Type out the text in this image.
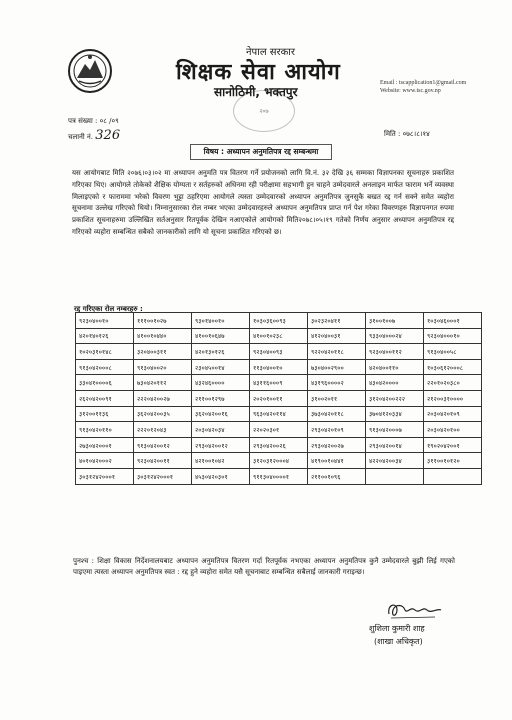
नेपाल सरकार
शिक्षक सेवा आयोग
सानोठिमी, भक्तपुर
२०७
Email : tscapplication1@gmail.com
Website: www.tsc.gov.np
पत्र संख्या : ०८ /०९
चलानी नं. 326	मिति : ०७८।८।१४
विषय : अध्यापन अनुमतिपत्र रद्द सम्बन्धमा
यस आयोगबाट मिति २०७६।०३।०२ मा अध्यापन अनुमति पत्र वितरण गर्ने प्रयोजनको लागि वि.नं. ३२ देखि ३६ सम्मका विज्ञापनका सूचनाहरु प्रकाशित गरिएका थिए। आयोगले तोकेको शैक्षिक योग्यता र सर्तहरुको अधिनमा रही परीक्षामा सहभागी हुन चाहने उम्मेदवारले अनलाइन मार्फत फाराम भर्ने व्यवस्था मिलाइएको र फाराममा भरेको विवरण भुट्टा ठहरिएमा आयोगले त्यस्ता उम्मेदवारको अध्यापन अनुमतिपत्र जुनसुकै बखत रद्द गर्न सक्ने समेत व्यहोरा सूचनामा उल्लेख गरिएको थियो। निम्नानुसारका रोल नम्बर भएका उम्मेदवारहरुले अध्यापन अनुमतिपत्र प्राप्त गर्न पेश गरेका विवरणहरु विज्ञापनगत रुपमा प्रकाशित सूचनाहरुमा उल्लिखित सर्तअनुसार रितपूर्वक देखिन नआएकोले आयोगको मिति२०७८।०५।१९ गतेको निर्णय अनुसार अध्यापन अनुमतिपत्र रद्द गरिएको व्यहोरा सम्बन्धित सबैको जानकारीको लागि यो सूचना प्रकाशित गरिएको छ।
रद्द गरिएका रोल नम्बरहरु :
९२३०४००१०	१११००१०२७	९३०१४००१०	१०३०३६००९३	३०२३२०४११	३१००१००७	१०३०४६०००१
४२०१४०१२६	४१००१०४४०	४१००१०६४७	४१००१०२३८	४१२०४००३१	९३३०४०००२४	९२३०४०००१०
१०२०३१०१४८	३२०४००३११	४२०१३०१२६	९२३०४००९३	९२२०४२०११८	९२३०४००११२	९१३०४००५८
९१३०४२०००८	९१३०४००२०	२३०४५००१४	११३०४००१०	७३०४००२९००	४२०४००११०	१०३०६१२०००८
३३०४१००००६	७३०४२०११२	४३२४६००००	४३११६०००९	४३१९६००००२	४३०४२००००	२२०१०२०३८०
२६२०४२००९१	२२२०४२००२७	२११००१२९७	२०२०१००११	३१००२०११	३१२०४२००२२२	२१२००३१००००
३१२००११३६	३६२०४२००३५	३६२०४२००१६	९६३०४२०११४	३७३०४२०११८	३७०४१२०३३४	२०३०४२०१०९
९१३०४२०११०	२२२०१२०४३	२०३०४२०३४	२२०२०३०१	२९३०४२०१०९	९१३०४२०००७	२०३०४२०१००
२७३०४२०००१	९१३०४२००१२	२९३०४२००१२	२९३०४२००२६	२९३०४२००२७	२९३०४२००१४	१९०२०४२००१
४०१०४२०००२	९२३०४२००११	४२१००१०४२	३१२०३१२०००४	४१९००१०४४१	४२२०४२००३४	३११००१०१२०
३०३१२४२०००१	३०३१२४२०००१	४५३०४२०३०१	९११३०४००००१	२११००१०९६		
पुनश्च : शिक्षा विकास निर्देशनालयबाट अध्यापन अनुमतिपत्र वितरण गर्दा रितपूर्वक नभएका अध्यापन अनुमतिपत्र कुनै उम्मेदवारले बुझी लिई गएको पाइएमा त्यस्ता अध्यापन अनुमतिपत्र स्वत : रद्द हुने व्यहोरा समेत यसै सूचनाबाट सम्बन्धित सबैलाई जानकारी गराइन्छ।
शुशिला कुमारी शाह
(शाखा अधिकृत)
